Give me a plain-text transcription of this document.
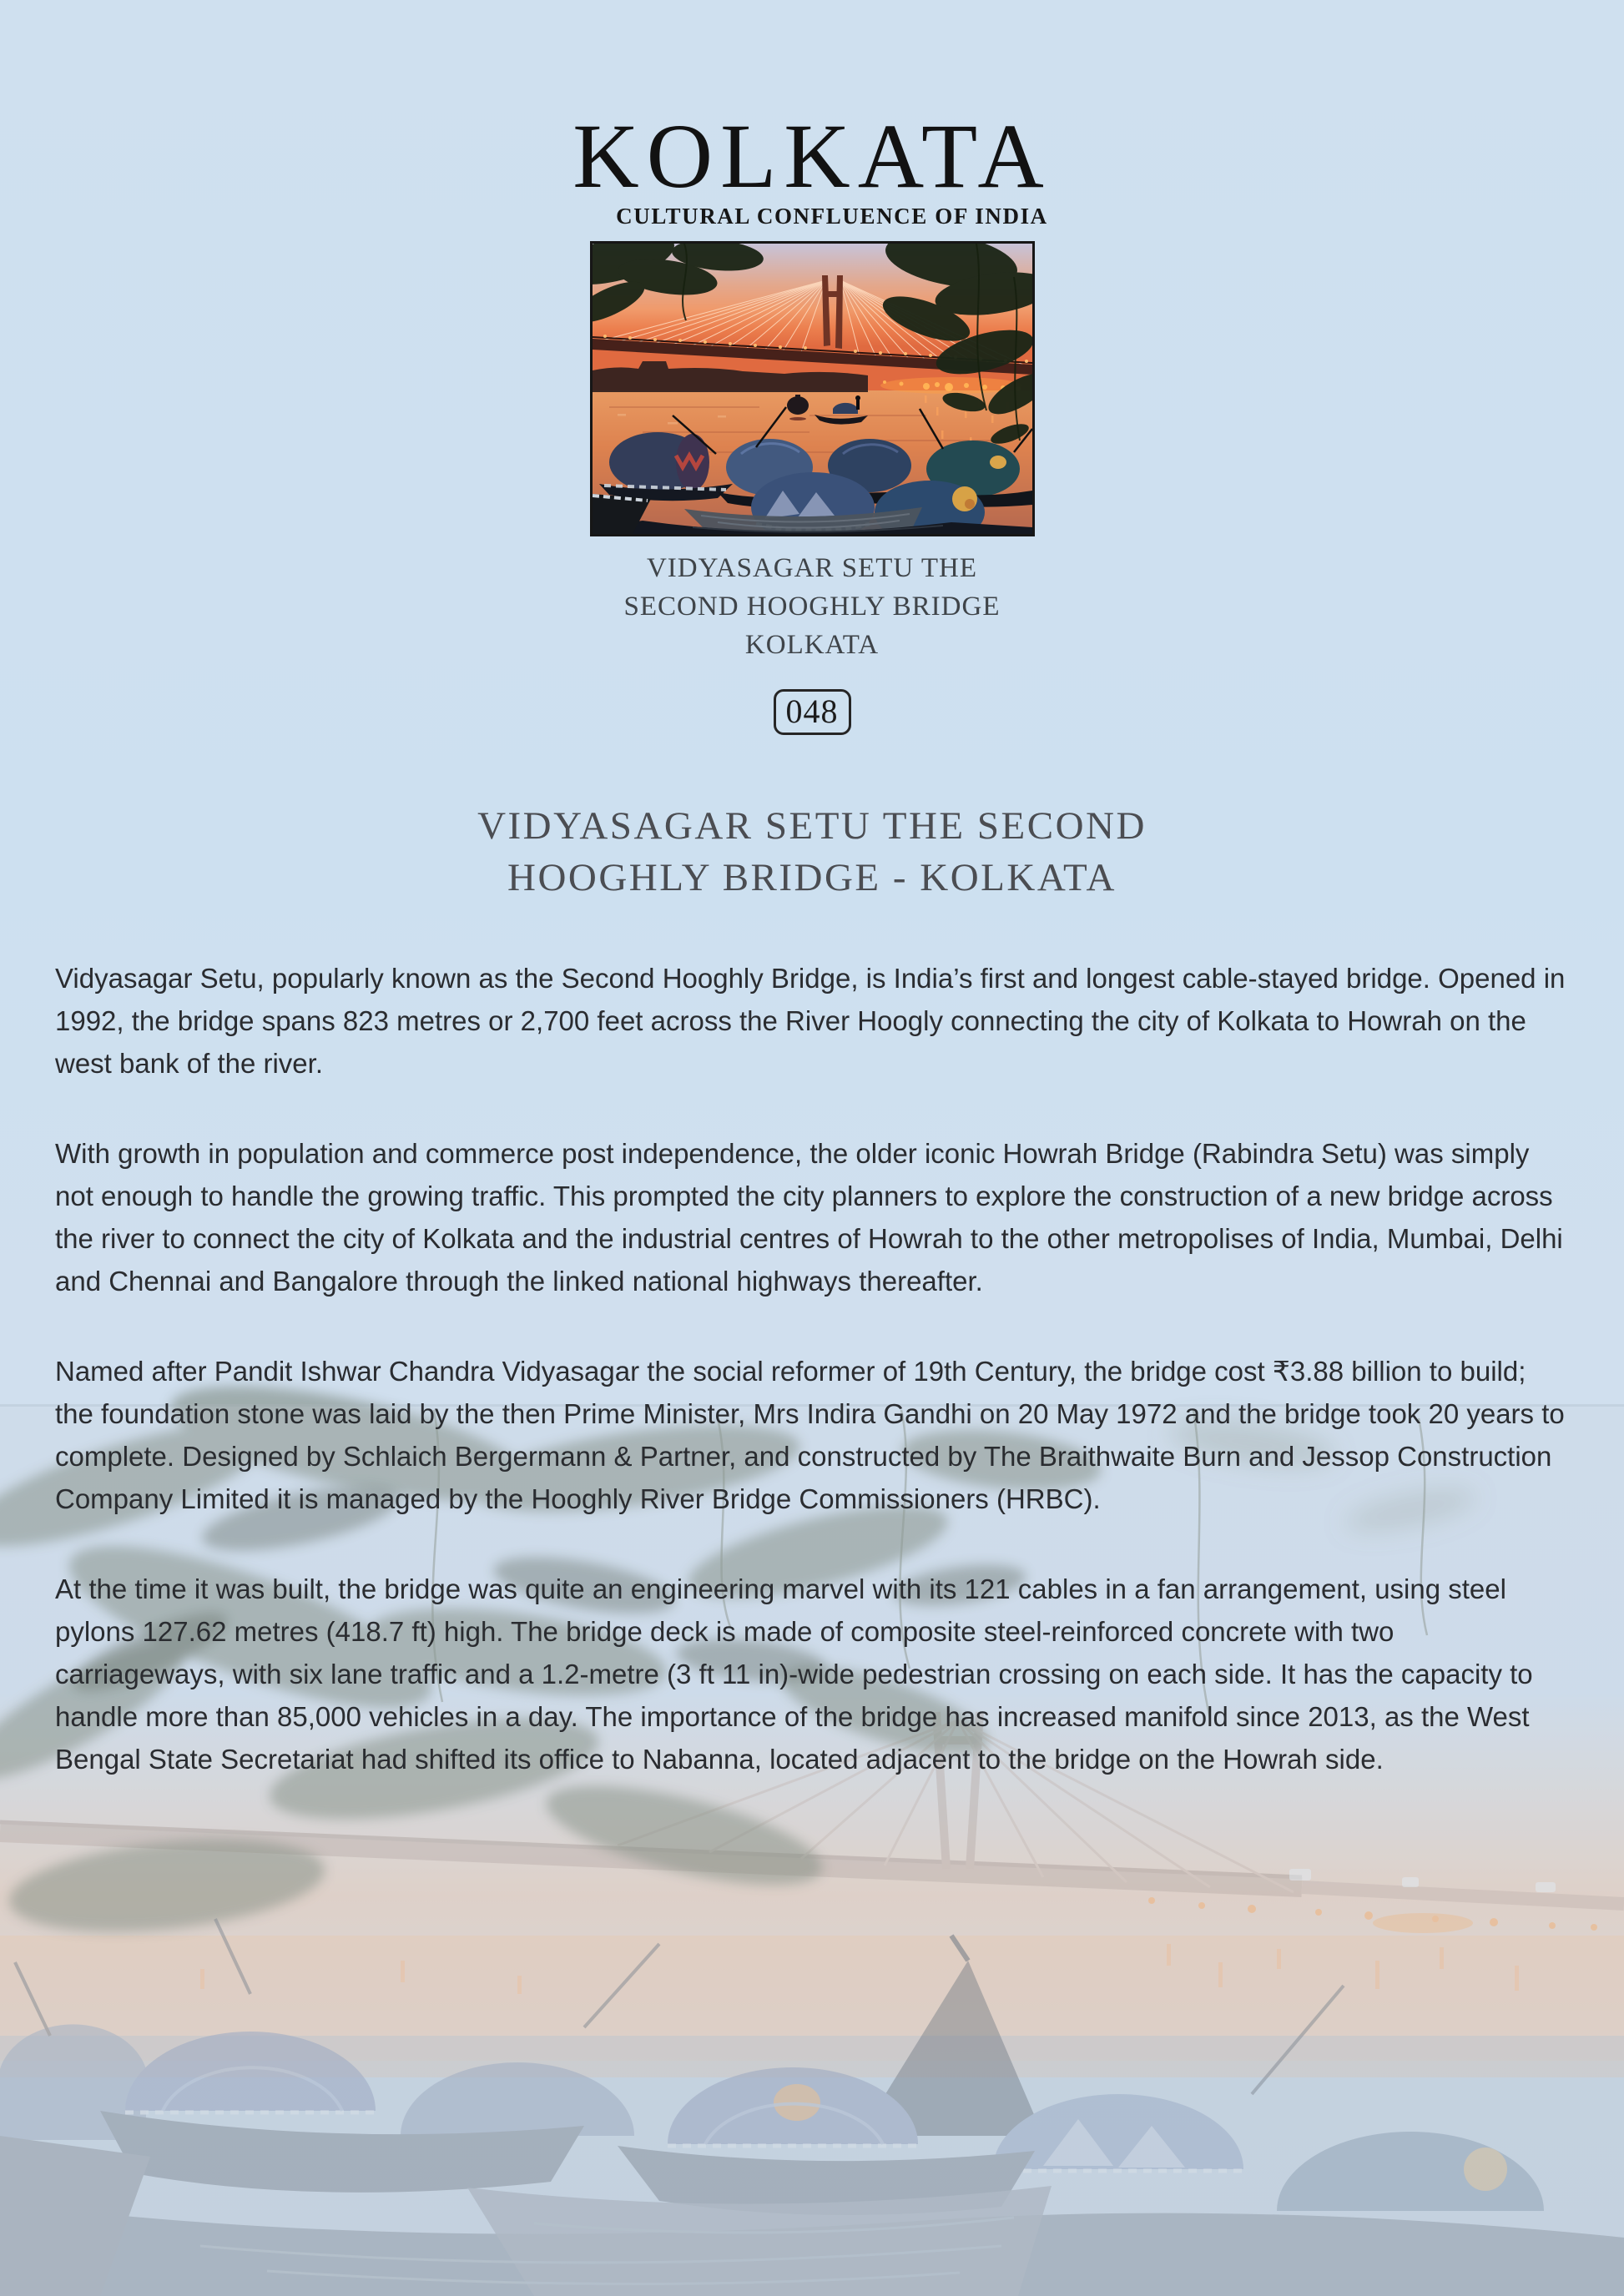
KOLKATA
CULTURAL CONFLUENCE OF INDIA
VIDYASAGAR SETU THE
SECOND HOOGHLY BRIDGE
KOLKATA
048
VIDYASAGAR SETU THE SECOND
HOOGHLY BRIDGE - KOLKATA

Vidyasagar Setu, popularly known as the Second Hooghly Bridge, is India’s first and longest cable-stayed bridge. Opened in 1992, the bridge spans 823 metres or 2,700 feet across the River Hoogly connecting the city of Kolkata to Howrah on the west bank of the river.

With growth in population and commerce post independence, the older iconic Howrah Bridge (Rabindra Setu) was simply not enough to handle the growing traffic. This prompted the city planners to explore the construction of a new bridge across the river to connect the city of Kolkata and the industrial centres of Howrah to the other metropolises of India, Mumbai, Delhi and Chennai and Bangalore through the linked national highways thereafter.

Named after Pandit Ishwar Chandra Vidyasagar the social reformer of 19th Century, the bridge cost ₹3.88 billion to build; the foundation stone was laid by the then Prime Minister, Mrs Indira Gandhi on 20 May 1972 and the bridge took 20 years to complete. Designed by Schlaich Bergermann & Partner, and constructed by The Braithwaite Burn and Jessop Construction Company Limited it is managed by the Hooghly River Bridge Commissioners (HRBC).

At the time it was built, the bridge was quite an engineering marvel with its 121 cables in a fan arrangement, using steel pylons 127.62 metres (418.7 ft) high. The bridge deck is made of composite steel-reinforced concrete with two carriageways, with six lane traffic and a 1.2-metre (3 ft 11 in)-wide pedestrian crossing on each side. It has the capacity to handle more than 85,000 vehicles in a day. The importance of the bridge has increased manifold since 2013, as the West Bengal State Secretariat had shifted its office to Nabanna, located adjacent to the bridge on the Howrah side.
